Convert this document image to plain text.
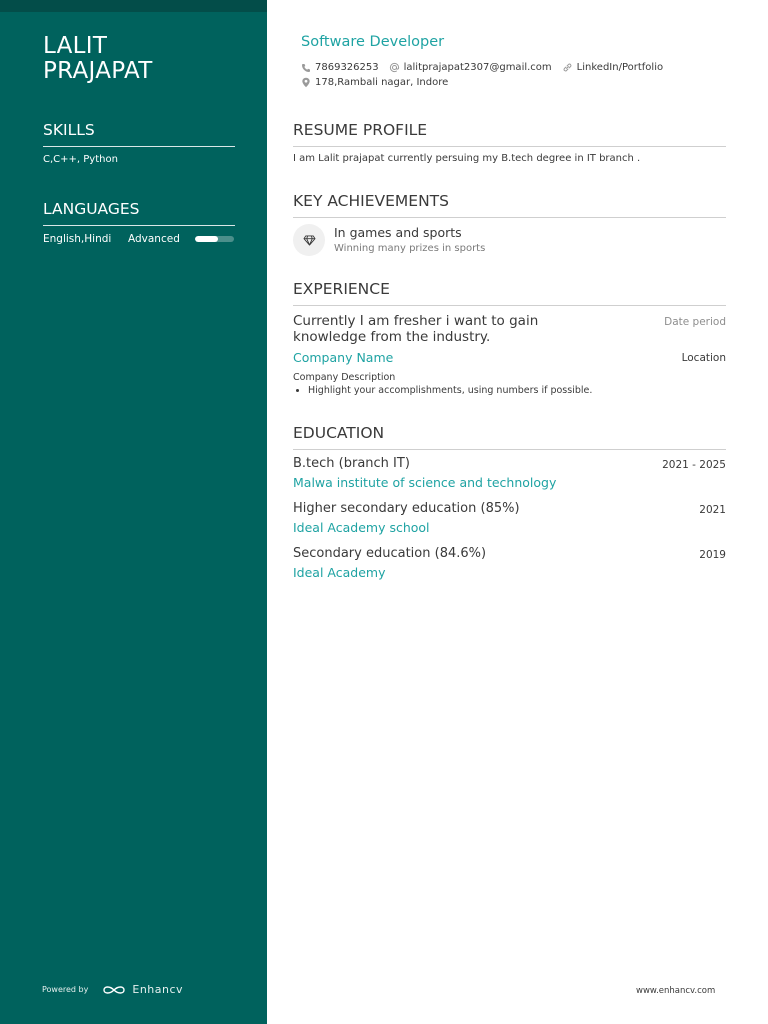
LALIT
PRAJAPAT
SKILLS
C,C++, Python
LANGUAGES
English,Hindi	Advanced
Powered by	Enhancv
Software Developer
7869326253	lalitprajapat2307@gmail.com	LinkedIn/Portfolio
178,Rambali nagar, Indore
RESUME PROFILE
I am Lalit prajapat currently persuing my B.tech degree in IT branch .
KEY ACHIEVEMENTS
In games and sports
Winning many prizes in sports
EXPERIENCE
Currently I am fresher i want to gain knowledge from the industry.
Date period
Company Name	Location
Company Description
• Highlight your accomplishments, using numbers if possible.
EDUCATION
B.tech (branch IT)	2021 - 2025
Malwa institute of science and technology
Higher secondary education (85%)	2021
Ideal Academy school
Secondary education (84.6%)	2019
Ideal Academy
www.enhancv.com
